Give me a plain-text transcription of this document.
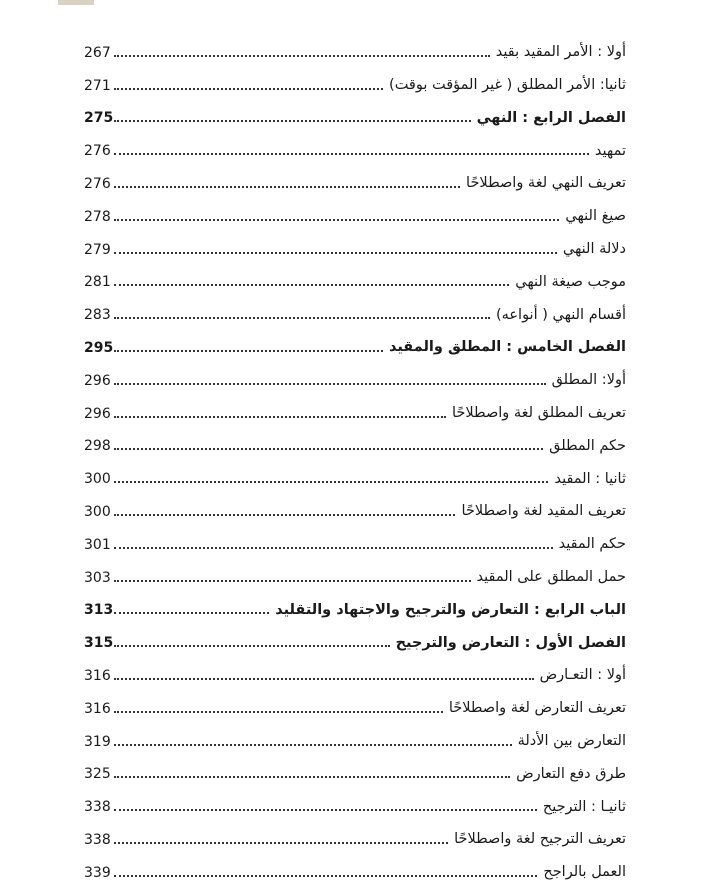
267	أولا : الأمر المقيد بقيد
271	ثانيا: الأمر المطلق ( غير المؤقت بوقت)
275	الفصل الرابع : النهي
276	تمهيد
276	تعريف النهي لغة واصطلاحًا
278	صيغ النهي
279	دلالة النهي
281	موجب صيغة النهي
283	أقسام النهي ( أنواعه)
295	الفصل الخامس : المطلق والمقيد
296	أولا: المطلق
296	تعريف المطلق لغة واصطلاحًا
298	حكم المطلق
300	ثانيا : المقيد
300	تعريف المقيد لغة واصطلاحًا
301	حكم المقيد
303	حمل المطلق على المقيد
313	الباب الرابع : التعارض والترجيح والاجتهاد والتقليد
315	الفصل الأول : التعارض والترجيح
316	أولا : التعـارض
316	تعريف التعارض لغة واصطلاحًا
319	التعارض بين الأدلة
325	طرق دفع التعارض
338	ثانيـا : الترجيح
338	تعريف الترجيح لغة واصطلاحًا
339	العمل بالراجح
